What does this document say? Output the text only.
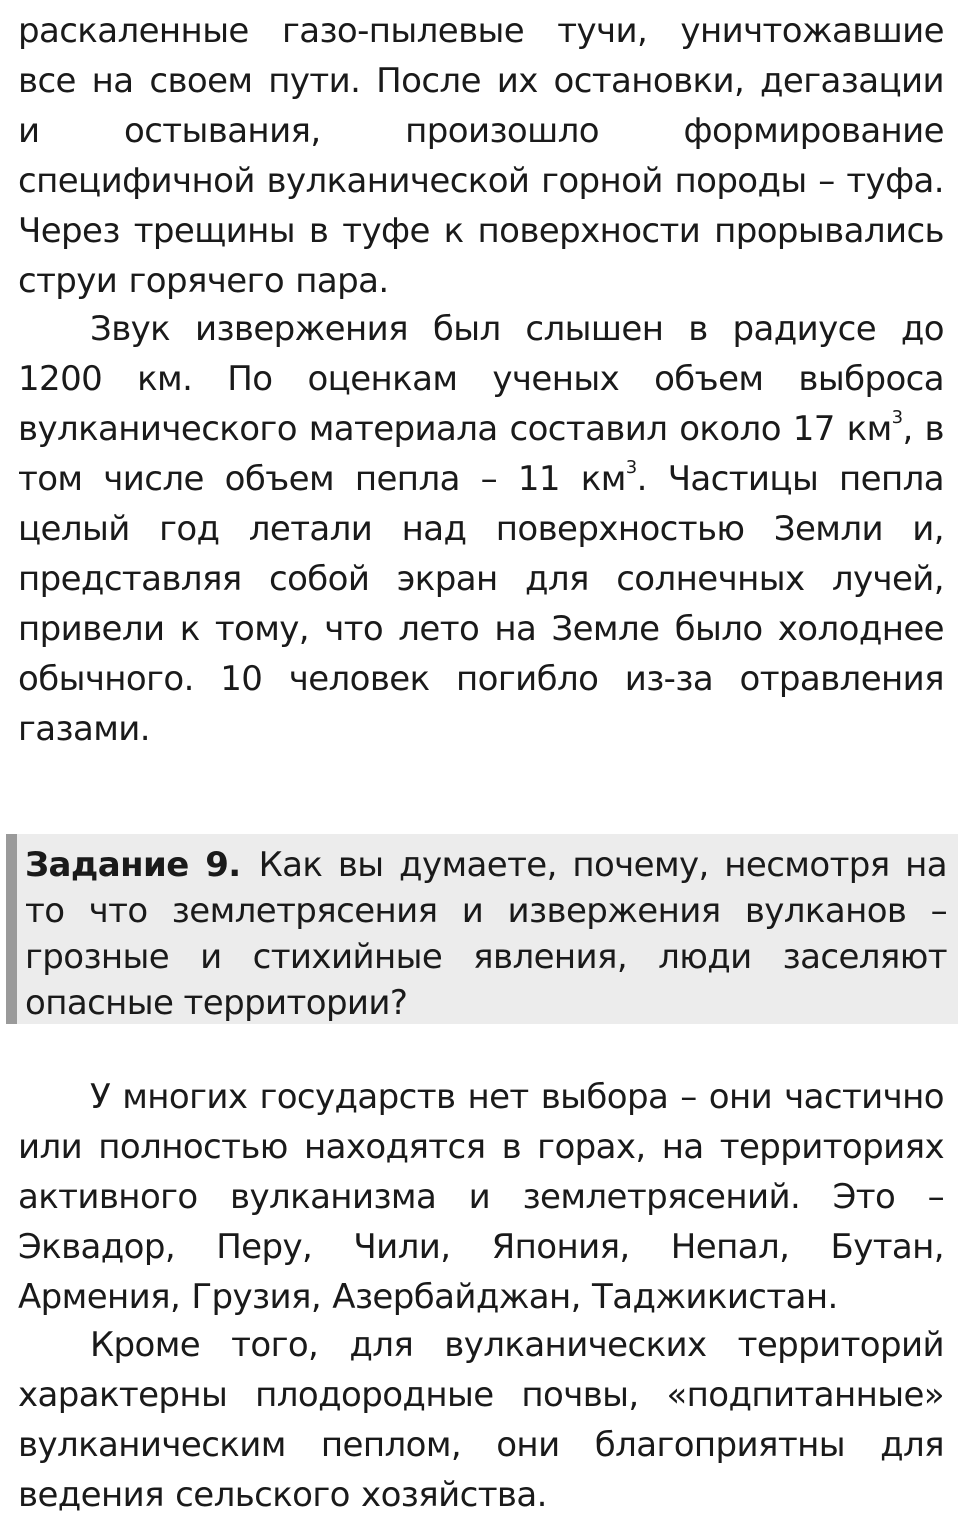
раскаленные газо-пылевые тучи, уничтожавшие все на своем пути. После их остановки, дегазации и остывания, произошло формирование специфичной вулканической горной породы – туфа. Через трещины в туфе к поверхности прорывались струи горячего пара.

Звук извержения был слышен в радиусе до 1200 км. По оценкам ученых объем выброса вулканического материала составил около 17 $км^3$, в том числе объем пепла – 11 $км^3$. Частицы пепла целый год летали над поверхностью Земли и, представляя собой экран для солнечных лучей, привели к тому, что лето на Земле было холоднее обычного. 10 человек погибло из-за отравления газами.

У многих государств нет выбора – они частично или полностью находятся в горах, на территориях активного вулканизма и землетрясений. Это – Эквадор, Перу, Чили, Япония, Непал, Бутан, Армения, Грузия, Азербайджан, Таджикистан.

Кроме того, для вулканических территорий характерны плодородные почвы, «подпитанные» вулканическим пеплом, они благоприятны для ведения сельского хозяйства.

Задание 9. Как вы думаете, почему, несмотря на то что землетрясения и извержения вулканов – грозные и стихийные явления, люди заселяют опасные территории?
